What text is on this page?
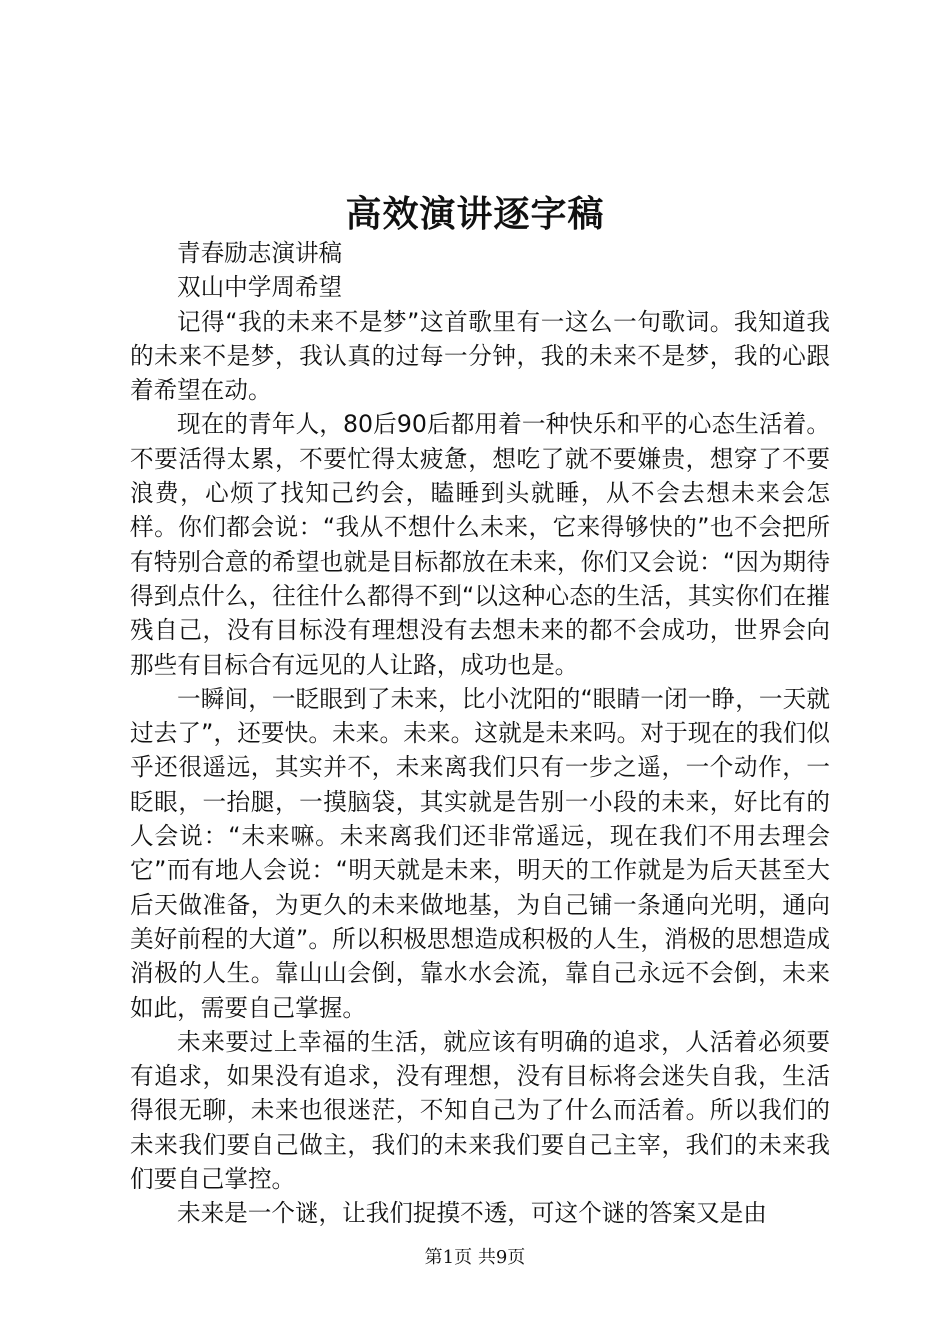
高效演讲逐字稿

青春励志演讲稿

双山中学周希望

记得“我的未来不是梦”这首歌里有一这么一句歌词。我知道我的未来不是梦，我认真的过每一分钟，我的未来不是梦，我的心跟着希望在动。

现在的青年人，80后90后都用着一种快乐和平的心态生活着。不要活得太累，不要忙得太疲惫，想吃了就不要嫌贵，想穿了不要浪费，心烦了找知己约会，瞌睡到头就睡，从不会去想未来会怎样。你们都会说：“我从不想什么未来，它来得够快的”也不会把所有特别合意的希望也就是目标都放在未来，你们又会说：“因为期待得到点什么，往往什么都得不到“以这种心态的生活，其实你们在摧残自己，没有目标没有理想没有去想未来的都不会成功，世界会向那些有目标合有远见的人让路，成功也是。

一瞬间，一眨眼到了未来，比小沈阳的“眼睛一闭一睁，一天就过去了”，还要快。未来。未来。这就是未来吗。对于现在的我们似乎还很遥远，其实并不，未来离我们只有一步之遥，一个动作，一眨眼，一抬腿，一摸脑袋，其实就是告别一小段的未来，好比有的人会说：“未来嘛。未来离我们还非常遥远，现在我们不用去理会它”而有地人会说：“明天就是未来，明天的工作就是为后天甚至大后天做准备，为更久的未来做地基，为自己铺一条通向光明，通向美好前程的大道”。所以积极思想造成积极的人生，消极的思想造成消极的人生。靠山山会倒，靠水水会流，靠自己永远不会倒，未来如此，需要自己掌握。

未来要过上幸福的生活，就应该有明确的追求，人活着必须要有追求，如果没有追求，没有理想，没有目标将会迷失自我，生活得很无聊，未来也很迷茫，不知自己为了什么而活着。所以我们的未来我们要自己做主，我们的未来我们要自己主宰，我们的未来我们要自己掌控。

未来是一个谜，让我们捉摸不透，可这个谜的答案又是由

第1页 共9页
